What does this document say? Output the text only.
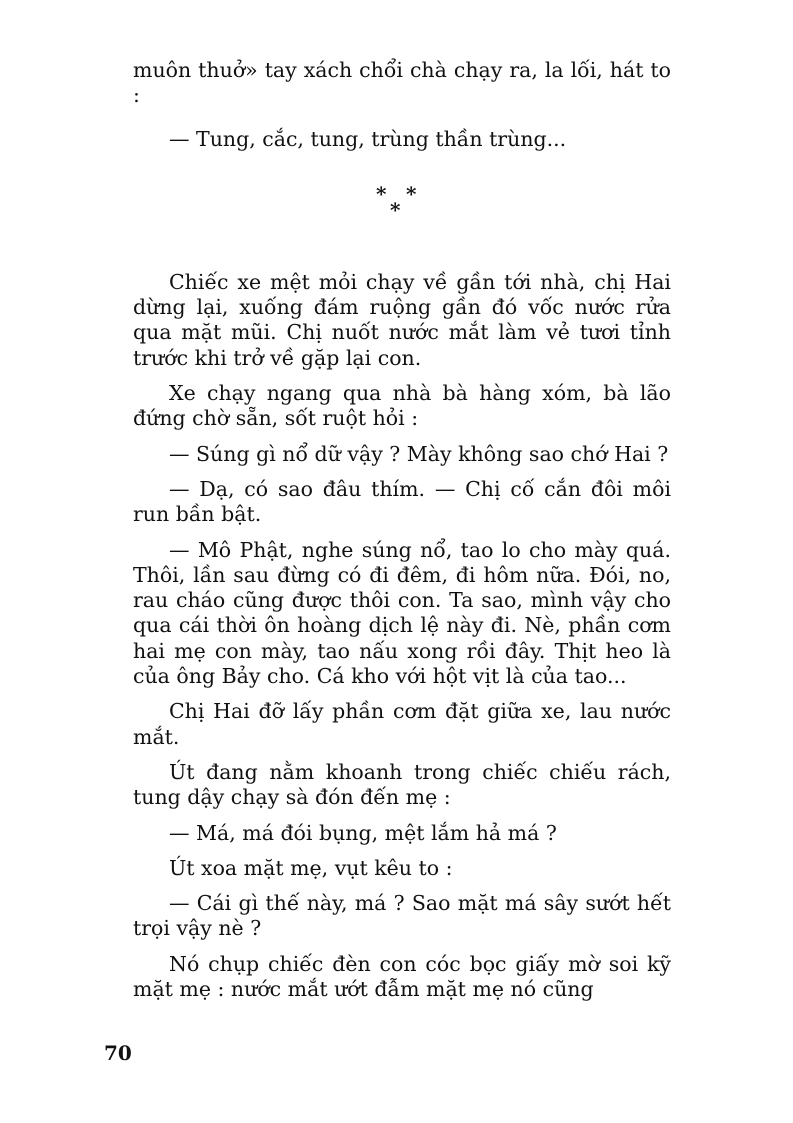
muôn thuở» tay xách chổi chà chạy ra, la lối, hát to :

— Tung, cắc, tung, trùng thần trùng...

* *
*

Chiếc xe mệt mỏi chạy về gần tới nhà, chị Hai dừng lại, xuống đám ruộng gần đó vốc nước rửa qua mặt mũi. Chị nuốt nước mắt làm vẻ tươi tỉnh trước khi trở về gặp lại con.

Xe chạy ngang qua nhà bà hàng xóm, bà lão đứng chờ sẵn, sốt ruột hỏi :

— Súng gì nổ dữ vậy ? Mày không sao chớ Hai ?

— Dạ, có sao đâu thím. — Chị cố cắn đôi môi run bần bật.

— Mô Phật, nghe súng nổ, tao lo cho mày quá. Thôi, lần sau đừng có đi đêm, đi hôm nữa. Đói, no, rau cháo cũng được thôi con. Ta sao, mình vậy cho qua cái thời ôn hoàng dịch lệ này đi. Nè, phần cơm hai mẹ con mày, tao nấu xong rồi đây. Thịt heo là của ông Bảy cho. Cá kho với hột vịt là của tao...

Chị Hai đỡ lấy phần cơm đặt giữa xe, lau nước mắt.

Út đang nằm khoanh trong chiếc chiếu rách, tung dậy chạy sà đón đến mẹ :

— Má, má đói bụng, mệt lắm hả má ?

Út xoa mặt mẹ, vụt kêu to :

— Cái gì thế này, má ? Sao mặt má sây sướt hết trọi vậy nè ?

Nó chụp chiếc đèn con cóc bọc giấy mờ soi kỹ mặt mẹ : nước mắt ướt đẫm mặt mẹ nó cũng

70
